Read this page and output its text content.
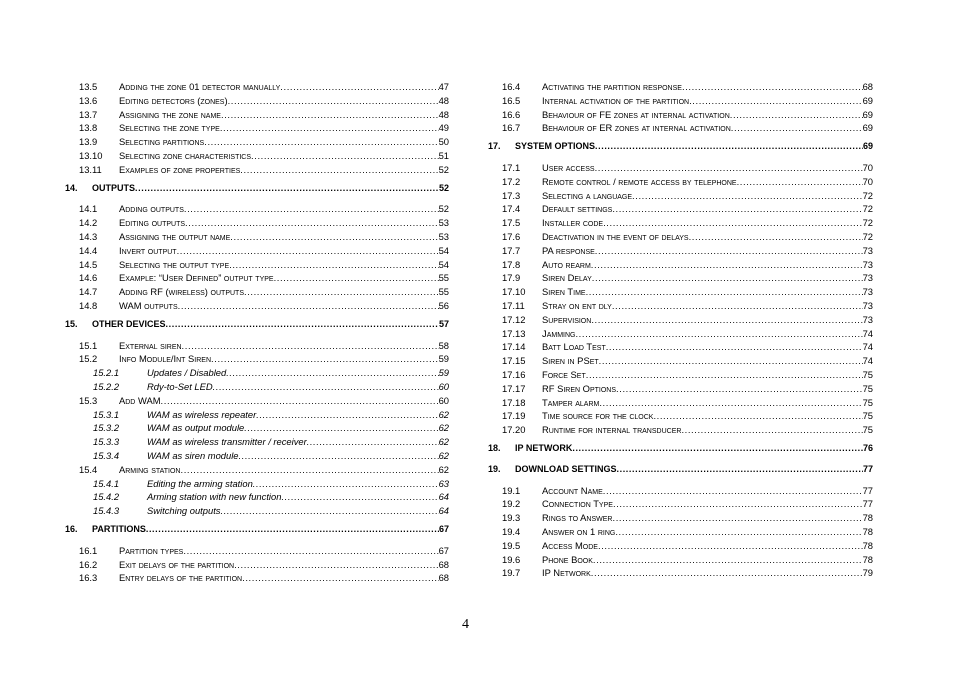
13.5 Adding the zone 01 detector manually .....	47
13.6 Editing detectors (zones) .....	48
13.7 Assigning the zone name .....	48
13.8 Selecting the zone type .....	49
13.9 Selecting partitions .....	50
13.10 Selecting zone characteristics .....	51
13.11 Examples of zone properties .....	52
14. OUTPUTS .....	52
14.1 Adding outputs .....	52
14.2 Editing outputs .....	53
14.3 Assigning the output name .....	53
14.4 Invert output .....	54
14.5 Selecting the output type .....	54
14.6 Example: “User Defined” output type .....	55
14.7 Adding RF (wireless) outputs .....	55
14.8 WAM outputs .....	56
15. OTHER DEVICES .....	57
15.1 External siren .....	58
15.2 Info Module/Int Siren .....	59
15.2.1	Updates / Disabled .....	59
15.2.2	Rdy-to-Set LED .....	60
15.3 Add WAM .....	60
15.3.1	WAM as wireless repeater .....	62
15.3.2	WAM as output module .....	62
15.3.3	WAM as wireless transmitter / receiver .....	62
15.3.4	WAM as siren module .....	62
15.4 Arming station .....	62
15.4.1	Editing the arming station .....	63
15.4.2	Arming station with new function .....	64
15.4.3	Switching outputs .....	64
16. PARTITIONS .....	67
16.1 Partition types .....	67
16.2 Exit delays of the partition .....	68
16.3 Entry delays of the partition .....	68
16.4 Activating the partition response .....	68
16.5 Internal activation of the partition .....	69
16.6 Behaviour of FE zones at internal activation .....	69
16.7 Behaviour of ER zones at internal activation .....	69
17. SYSTEM OPTIONS .....	69
17.1 User access .....	70
17.2 Remote control / remote access by telephone .....	70
17.3 Selecting a language .....	72
17.4 Default settings .....	72
17.5 Installer code .....	72
17.6 Deactivation in the event of delays .....	72
17.7 PA response .....	73
17.8 Auto rearm .....	73
17.9 Siren Delay .....	73
17.10 Siren Time .....	73
17.11 Stray on ent dly .....	73
17.12 Supervision .....	73
17.13 Jamming .....	74
17.14 Batt Load Test .....	74
17.15 Siren in PSet .....	74
17.16 Force Set .....	75
17.17 RF Siren Options .....	75
17.18 Tamper alarm .....	75
17.19 Time source for the clock .....	75
17.20 Runtime for internal transducer .....	75
18. IP NETWORK .....	76
19. DOWNLOAD SETTINGS .....	77
19.1 Account Name .....	77
19.2 Connection Type .....	77
19.3 Rings to Answer .....	78
19.4 Answer on 1 ring .....	78
19.5 Access Mode .....	78
19.6 Phone Book .....	78
19.7 IP Network .....	79
4
